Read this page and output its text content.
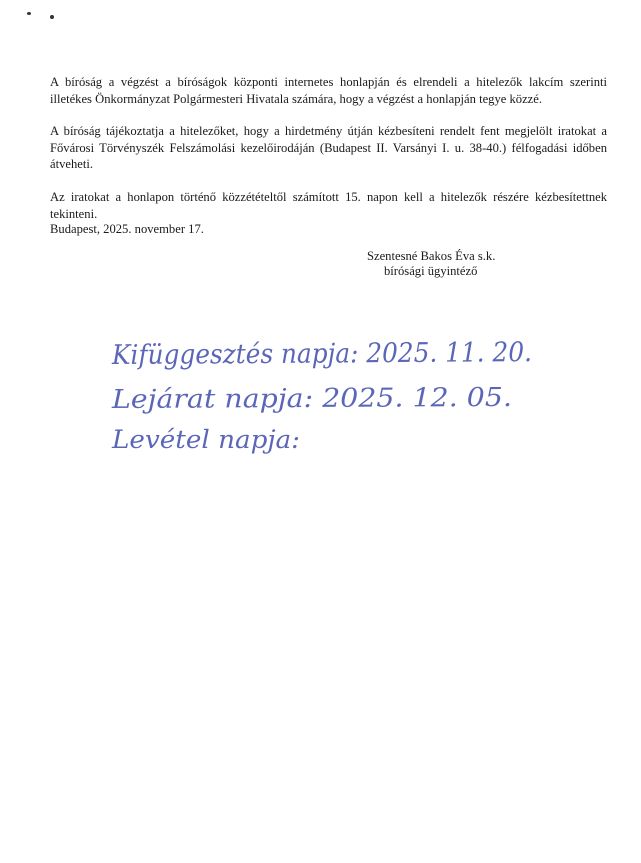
A bíróság a végzést a bíróságok központi internetes honlapján és elrendeli a hitelezők lakcím szerinti
illetékes Önkormányzat Polgármesteri Hivatala számára, hogy a végzést a honlapján tegye közzé.
A bíróság tájékoztatja a hitelezőket, hogy a hirdetmény útján kézbesíteni rendelt fent megjelölt iratokat a
Fővárosi Törvényszék Felszámolási kezelőirodáján (Budapest II. Varsányi I. u. 38-40.) félfogadási időben
átveheti.
Az iratokat a honlapon történő közzétételtől számított 15. napon kell a hitelezők részére kézbesítettnek
tekinteni.

Budapest, 2025. november 17.

Szentesné Bakos Éva s.k.

bírósági ügyintéző

Kifüggesztés napja: 2025. 11. 20.
Lejárat napja: 2025. 12. 05.
Levétel napja:
